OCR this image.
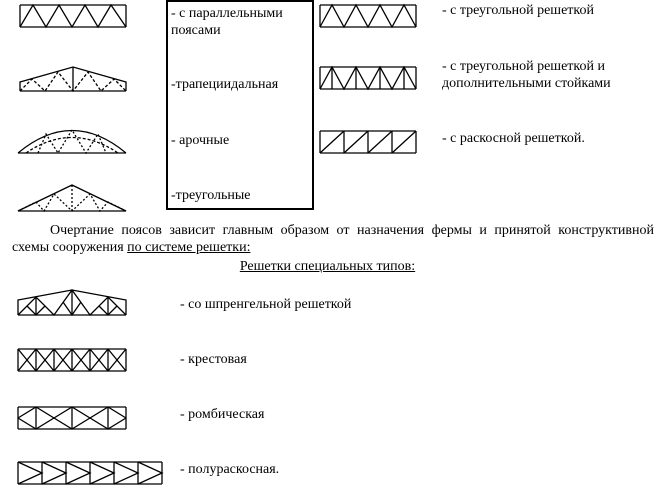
- с параллельными поясами
-трапециидальная
- арочные
-треугольные
- с треугольной решеткой
- с треугольной решеткой и
дополнительными стойками
- с раскосной решеткой.
Очертание поясов зависит главным образом от назначения фермы и принятой конструктивной схемы сооружения по системе решетки:
Решетки специальных типов:
- со шпренгельной решеткой
- крестовая
- ромбическая
- полураскосная.
